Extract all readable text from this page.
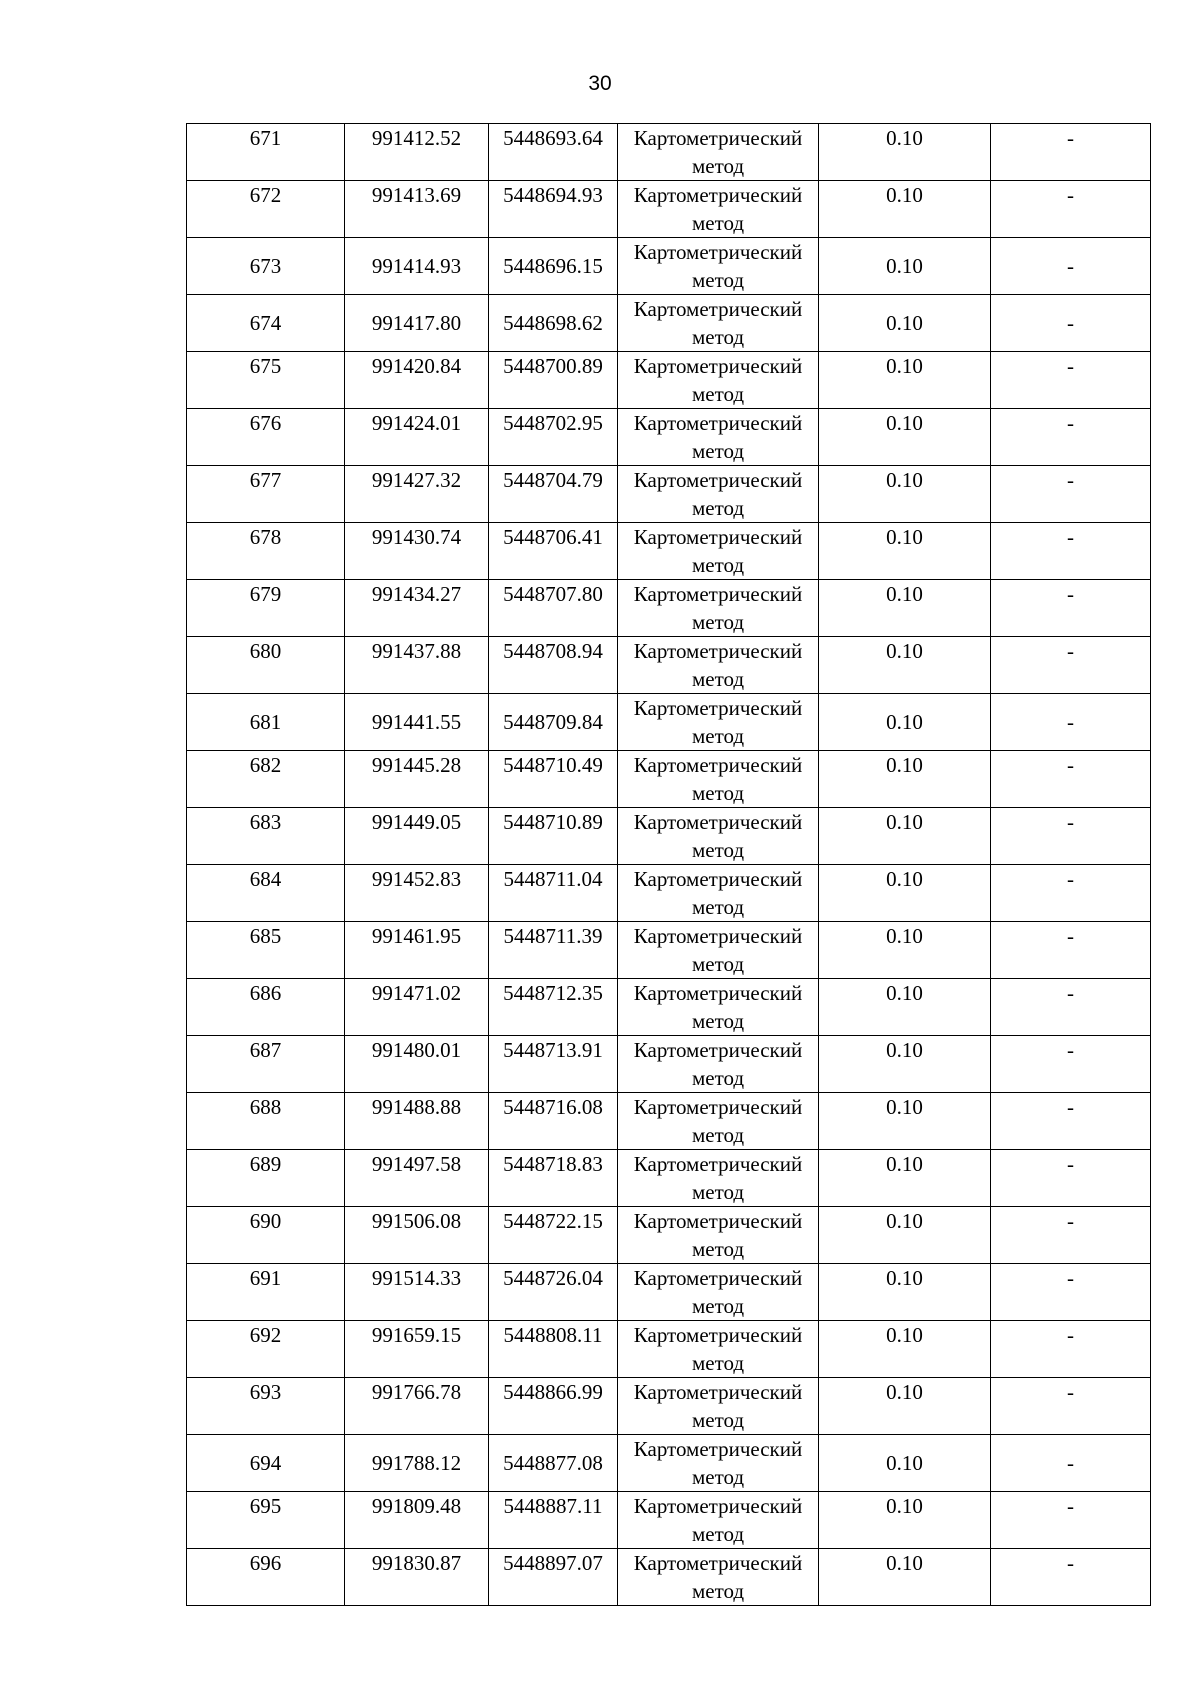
30
671	991412.52	5448693.64	Картометрический метод	0.10	-
672	991413.69	5448694.93	Картометрический метод	0.10	-
673	991414.93	5448696.15	Картометрический метод	0.10	-
674	991417.80	5448698.62	Картометрический метод	0.10	-
675	991420.84	5448700.89	Картометрический метод	0.10	-
676	991424.01	5448702.95	Картометрический метод	0.10	-
677	991427.32	5448704.79	Картометрический метод	0.10	-
678	991430.74	5448706.41	Картометрический метод	0.10	-
679	991434.27	5448707.80	Картометрический метод	0.10	-
680	991437.88	5448708.94	Картометрический метод	0.10	-
681	991441.55	5448709.84	Картометрический метод	0.10	-
682	991445.28	5448710.49	Картометрический метод	0.10	-
683	991449.05	5448710.89	Картометрический метод	0.10	-
684	991452.83	5448711.04	Картометрический метод	0.10	-
685	991461.95	5448711.39	Картометрический метод	0.10	-
686	991471.02	5448712.35	Картометрический метод	0.10	-
687	991480.01	5448713.91	Картометрический метод	0.10	-
688	991488.88	5448716.08	Картометрический метод	0.10	-
689	991497.58	5448718.83	Картометрический метод	0.10	-
690	991506.08	5448722.15	Картометрический метод	0.10	-
691	991514.33	5448726.04	Картометрический метод	0.10	-
692	991659.15	5448808.11	Картометрический метод	0.10	-
693	991766.78	5448866.99	Картометрический метод	0.10	-
694	991788.12	5448877.08	Картометрический метод	0.10	-
695	991809.48	5448887.11	Картометрический метод	0.10	-
696	991830.87	5448897.07	Картометрический метод	0.10	-
